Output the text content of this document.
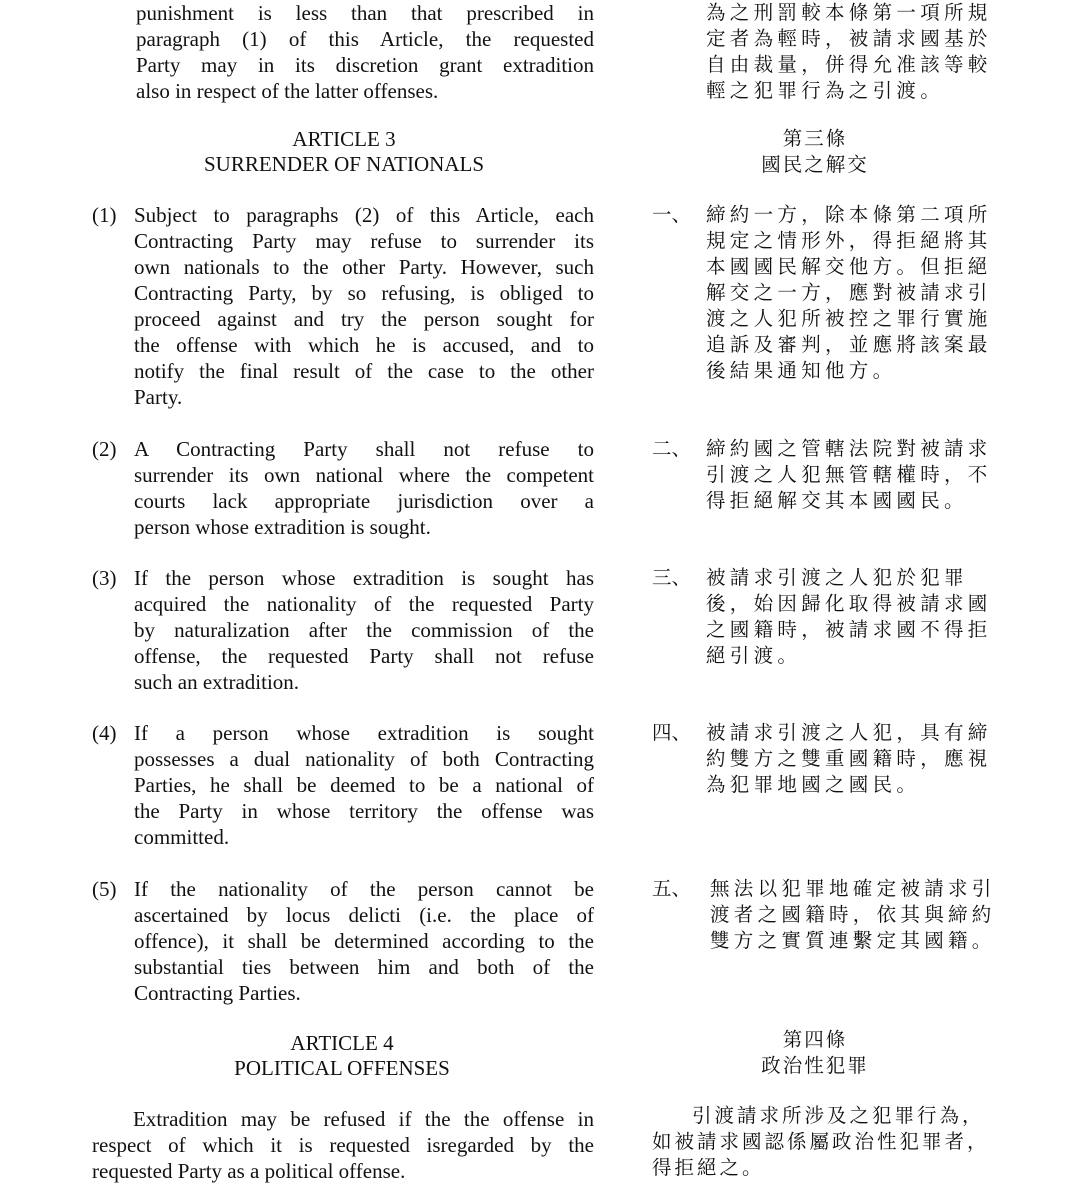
punishment is less than that prescribed in
paragraph (1) of this Article, the requested
Party may in its discretion grant extradition
also in respect of the latter offenses.
為之刑罰較本條第一項所規
定者為輕時，被請求國基於
自由裁量，併得允准該等較
輕之犯罪行為之引渡。
ARTICLE 3
SURRENDER OF NATIONALS
第三條
國民之解交
(1) Subject to paragraphs (2) of this Article, each
Contracting Party may refuse to surrender its
own nationals to the other Party. However, such
Contracting Party, by so refusing, is obliged to
proceed against and try the person sought for
the offense with which he is accused, and to
notify the final result of the case to the other
Party.
一、 締約一方，除本條第二項所
規定之情形外，得拒絕將其
本國國民解交他方。但拒絕
解交之一方，應對被請求引
渡之人犯所被控之罪行實施
追訴及審判，並應將該案最
後結果通知他方。
(2) A Contracting Party shall not refuse to
surrender its own national where the competent
courts lack appropriate jurisdiction over a
person whose extradition is sought.
二、 締約國之管轄法院對被請求
引渡之人犯無管轄權時，不
得拒絕解交其本國國民。
(3) If the person whose extradition is sought has
acquired the nationality of the requested Party
by naturalization after the commission of the
offense, the requested Party shall not refuse
such an extradition.
三、 被請求引渡之人犯於犯罪
後，始因歸化取得被請求國
之國籍時，被請求國不得拒
絕引渡。
(4) If a person whose extradition is sought
possesses a dual nationality of both Contracting
Parties, he shall be deemed to be a national of
the Party in whose territory the offense was
committed.
四、 被請求引渡之人犯，具有締
約雙方之雙重國籍時，應視
為犯罪地國之國民。
(5) If the nationality of the person cannot be
ascertained by locus delicti (i.e. the place of
offence), it shall be determined according to the
substantial ties between him and both of the
Contracting Parties.
五、 無法以犯罪地確定被請求引
渡者之國籍時，依其與締約
雙方之實質連繫定其國籍。
ARTICLE 4
POLITICAL OFFENSES
第四條
政治性犯罪
Extradition may be refused if the the offense in
respect of which it is requested isregarded by the
requested Party as a political offense.
引渡請求所涉及之犯罪行為，
如被請求國認係屬政治性犯罪者，
得拒絕之。
